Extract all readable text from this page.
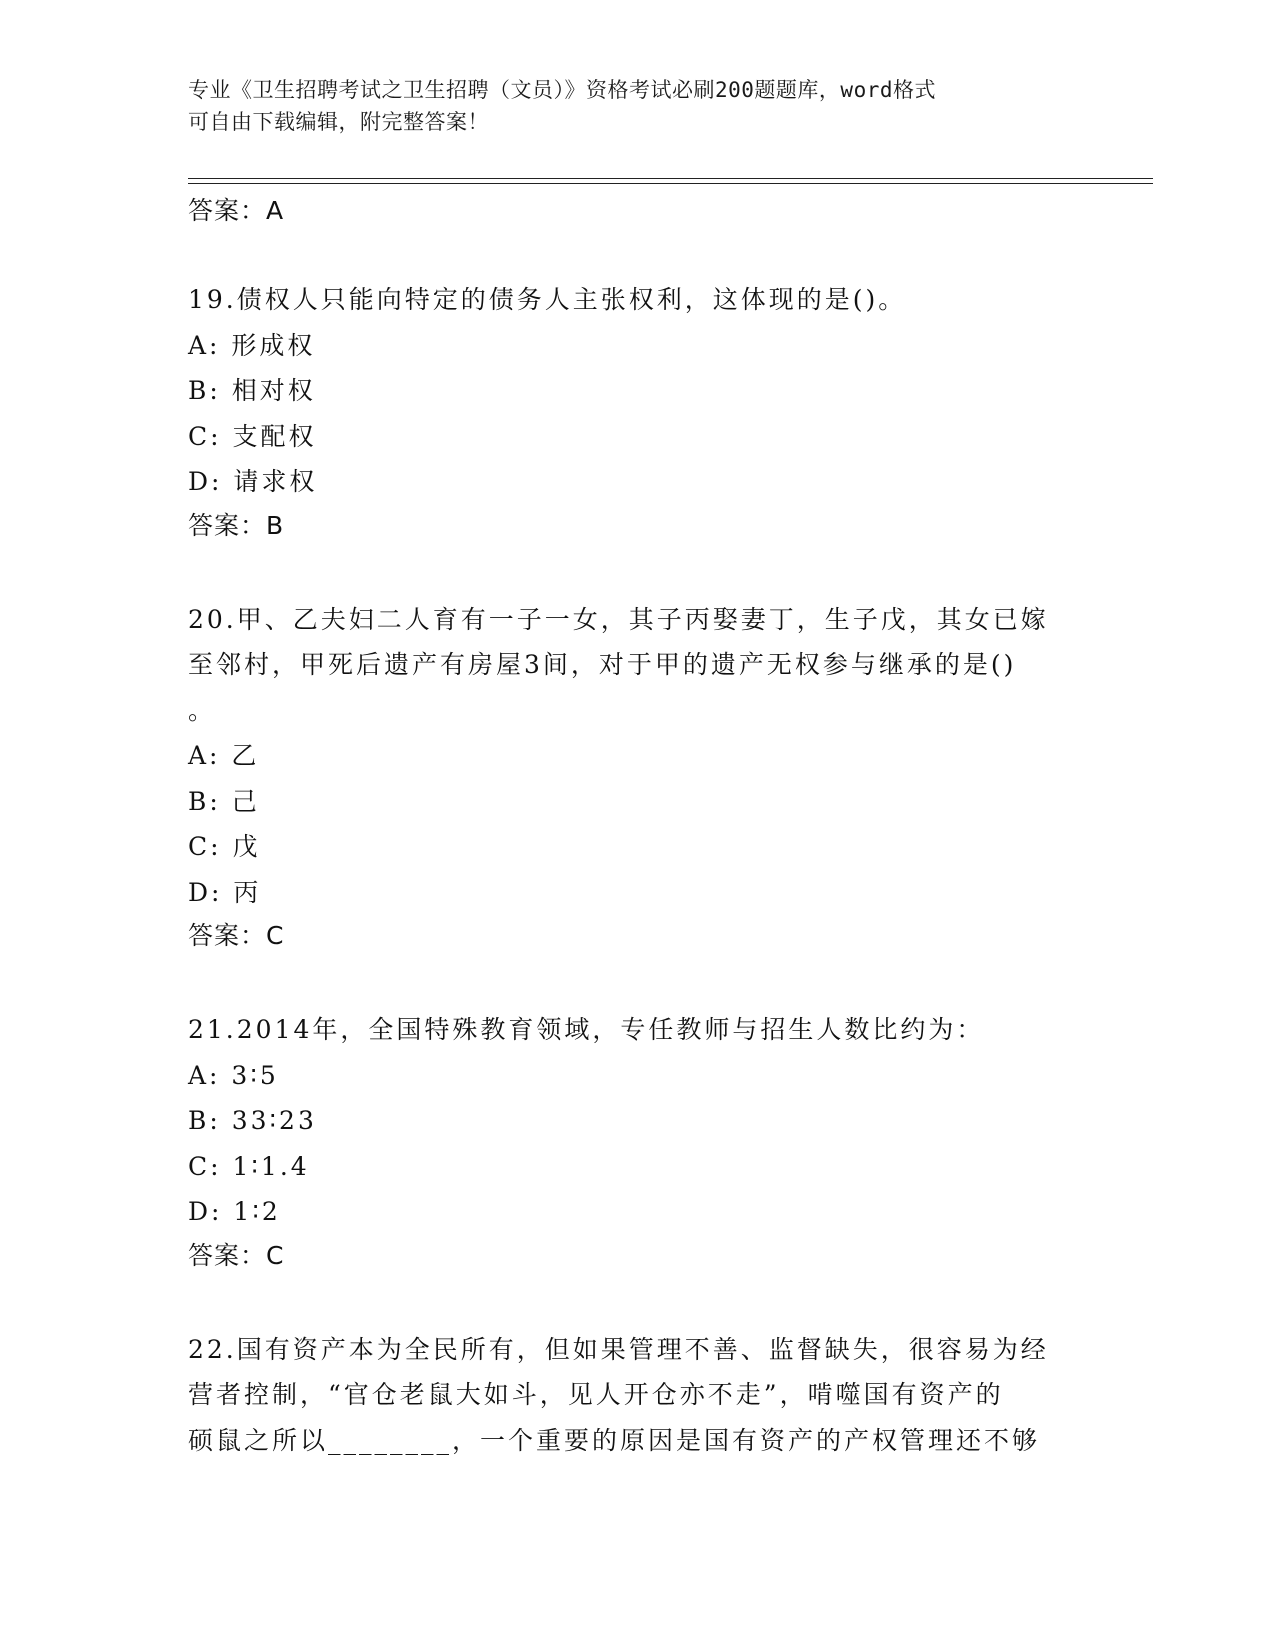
专业《卫生招聘考试之卫生招聘（文员）》资格考试必刷200题题库，word格式
可自由下载编辑，附完整答案！
答案：A
19.债权人只能向特定的债务人主张权利，这体现的是()。
A: 形成权
B: 相对权
C: 支配权
D: 请求权
答案：B
20.甲、乙夫妇二人育有一子一女，其子丙娶妻丁，生子戊，其女已嫁
至邻村，甲死后遗产有房屋3间，对于甲的遗产无权参与继承的是()
。
A: 乙
B: 己
C: 戊
D: 丙
答案：C
21.2014年，全国特殊教育领域，专任教师与招生人数比约为：
A: 3∶5
B: 33∶23
C: 1∶1.4
D: 1∶2
答案：C
22.国有资产本为全民所有，但如果管理不善、监督缺失，很容易为经
营者控制，“官仓老鼠大如斗，见人开仓亦不走”，啃噬国有资产的
硕鼠之所以________，一个重要的原因是国有资产的产权管理还不够
